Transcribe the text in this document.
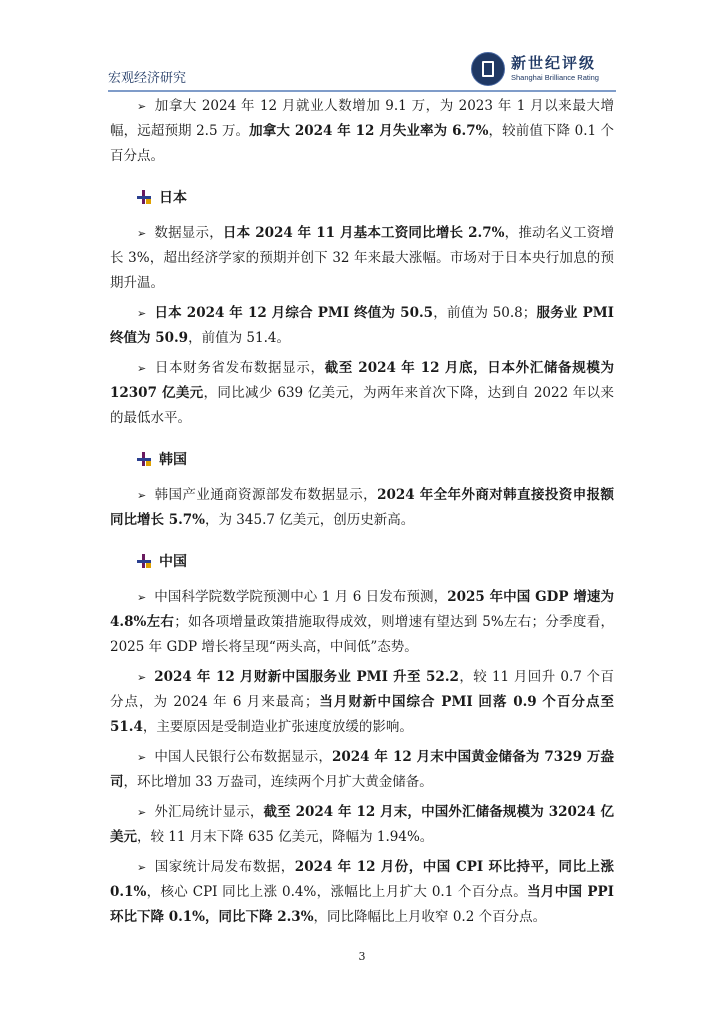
宏观经济研究
新世纪评级
Shanghai Brilliance Rating

➢ 加拿大 2024 年 12 月就业人数增加 9.1 万，为 2023 年 1 月以来最大增幅，远超预期 2.5 万。加拿大 2024 年 12 月失业率为 6.7%，较前值下降 0.1 个百分点。

日本

➢ 数据显示，日本 2024 年 11 月基本工资同比增长 2.7%，推动名义工资增长 3%，超出经济学家的预期并创下 32 年来最大涨幅。市场对于日本央行加息的预期升温。

➢ 日本 2024 年 12 月综合 PMI 终值为 50.5，前值为 50.8；服务业 PMI 终值为 50.9，前值为 51.4。

➢ 日本财务省发布数据显示，截至 2024 年 12 月底，日本外汇储备规模为 12307 亿美元，同比减少 639 亿美元，为两年来首次下降，达到自 2022 年以来的最低水平。

韩国

➢ 韩国产业通商资源部发布数据显示，2024 年全年外商对韩直接投资申报额同比增长 5.7%，为 345.7 亿美元，创历史新高。

中国

➢ 中国科学院数学院预测中心 1 月 6 日发布预测，2025 年中国 GDP 增速为 4.8%左右；如各项增量政策措施取得成效，则增速有望达到 5%左右；分季度看，2025 年 GDP 增长将呈现“两头高，中间低”态势。

➢ 2024 年 12 月财新中国服务业 PMI 升至 52.2，较 11 月回升 0.7 个百分点，为 2024 年 6 月来最高；当月财新中国综合 PMI 回落 0.9 个百分点至 51.4，主要原因是受制造业扩张速度放缓的影响。

➢ 中国人民银行公布数据显示，2024 年 12 月末中国黄金储备为 7329 万盎司，环比增加 33 万盎司，连续两个月扩大黄金储备。

➢ 外汇局统计显示，截至 2024 年 12 月末，中国外汇储备规模为 32024 亿美元，较 11 月末下降 635 亿美元，降幅为 1.94%。

➢ 国家统计局发布数据，2024 年 12 月份，中国 CPI 环比持平，同比上涨 0.1%，核心 CPI 同比上涨 0.4%，涨幅比上月扩大 0.1 个百分点。当月中国 PPI 环比下降 0.1%，同比下降 2.3%，同比降幅比上月收窄 0.2 个百分点。

3
